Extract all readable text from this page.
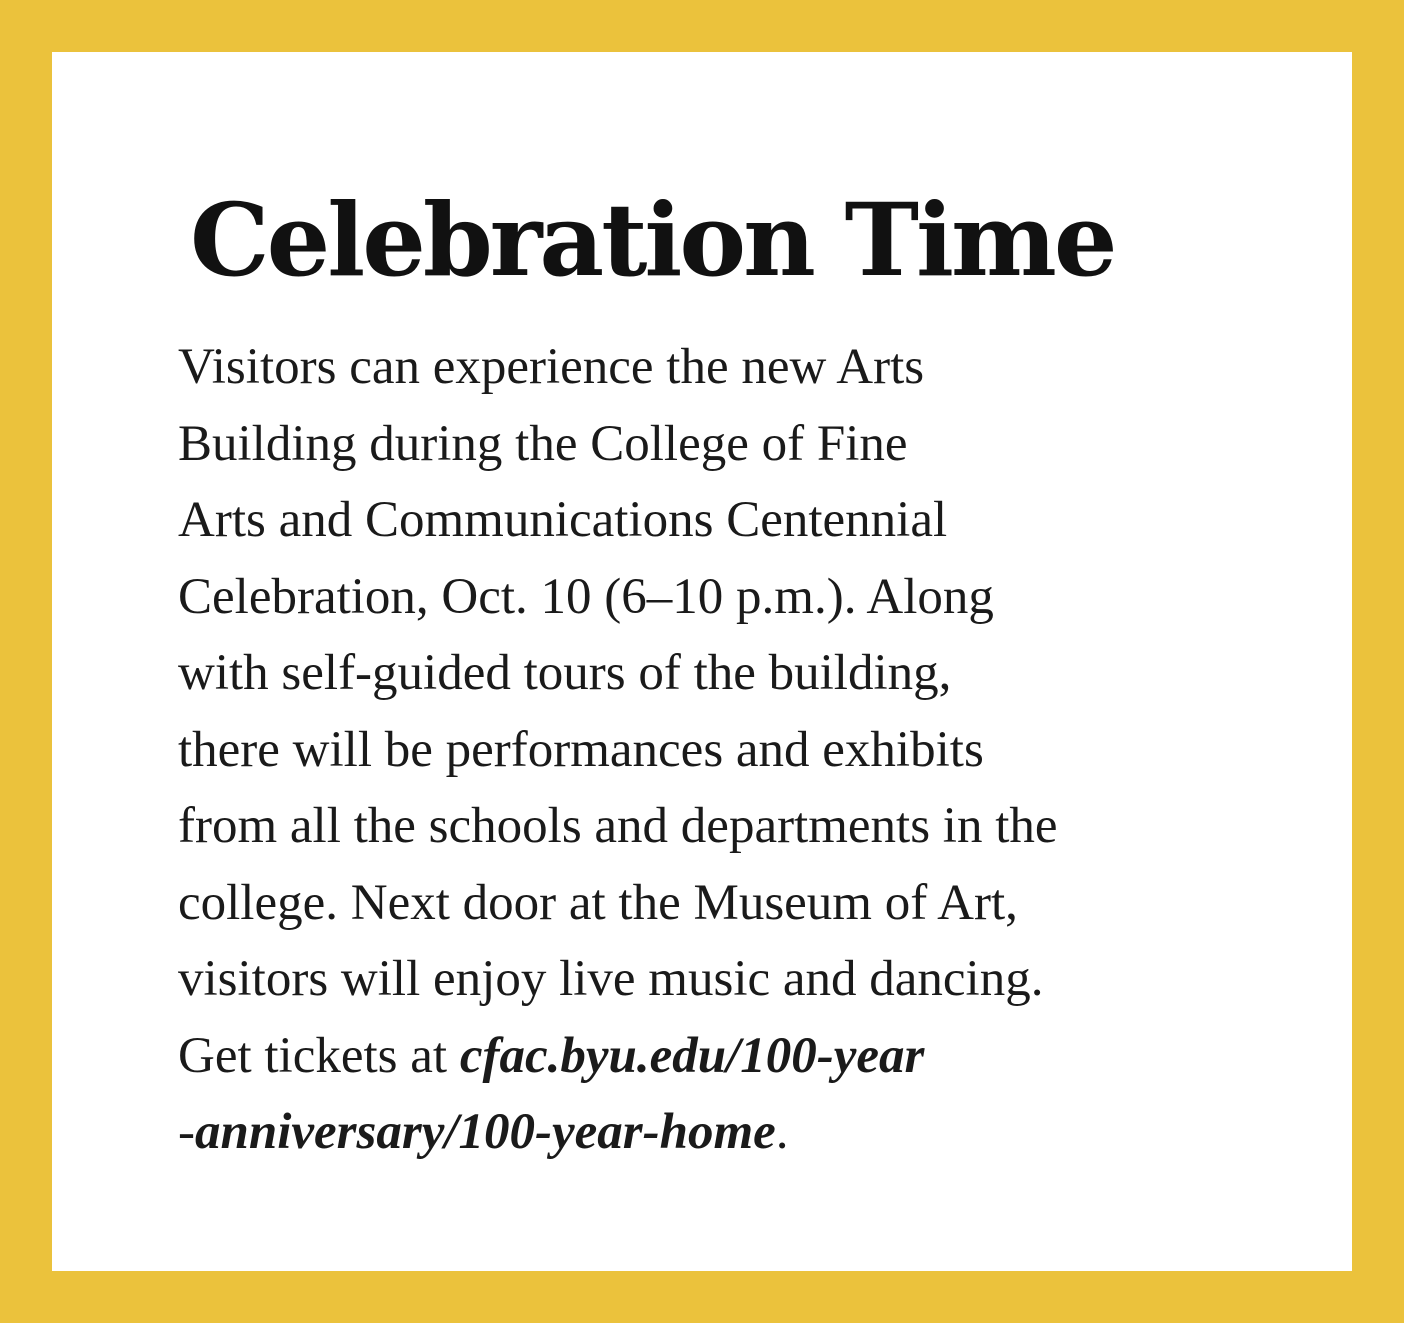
Celebration Time

Visitors can experience the new Arts
Building during the College of Fine
Arts and Communications Centennial
Celebration, Oct. 10 (6–10 p.m.). Along
with self-guided tours of the building,
there will be performances and exhibits
from all the schools and departments in the
college. Next door at the Museum of Art,
visitors will enjoy live music and dancing.
Get tickets at cfac.byu.edu/100-year
-anniversary/100-year-home.
